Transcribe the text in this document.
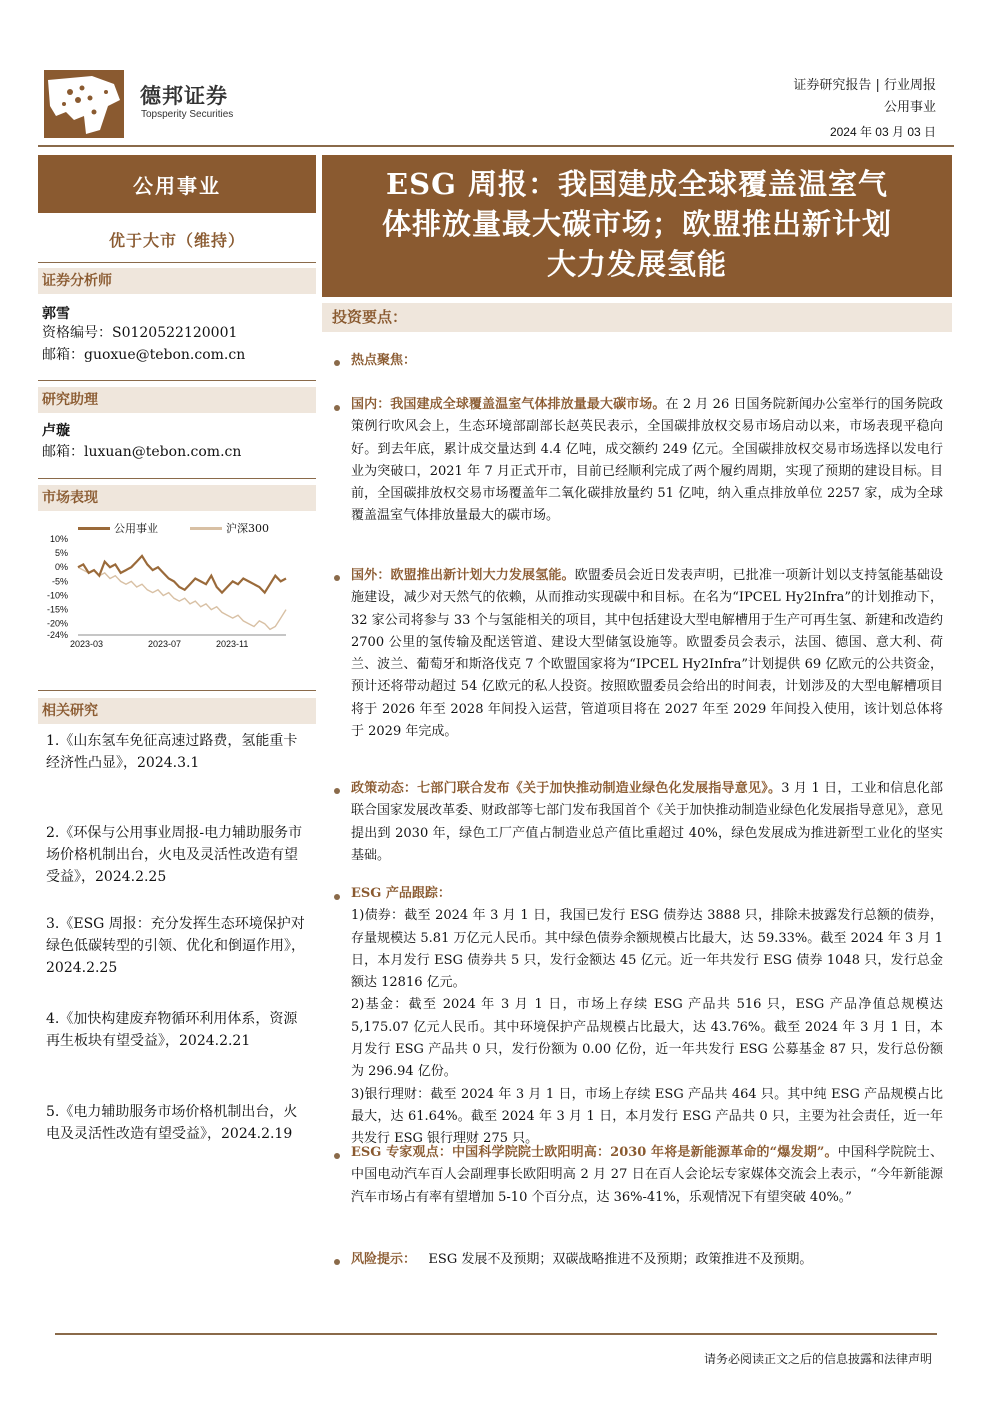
德邦证券
Topsperity Securities
证券研究报告 | 行业周报
公用事业
2024 年 03 月 03 日
公用事业
优于大市（维持）
证券分析师
郭雪
资格编号：S0120522120001
邮箱：guoxue@tebon.com.cn
研究助理
卢璇
邮箱：luxuan@tebon.com.cn
市场表现
公用事业	沪深300
10%
5%
0%
-5%
-10%
-15%
-20%
-24%
2023-03	2023-07	2023-11
相关研究
1.《山东氢车免征高速过路费，氢能重卡经济性凸显》，2024.3.1
2.《环保与公用事业周报-电力辅助服务市场价格机制出台，火电及灵活性改造有望受益》，2024.2.25
3.《ESG 周报：充分发挥生态环境保护对绿色低碳转型的引领、优化和倒逼作用》，2024.2.25
4.《加快构建废弃物循环利用体系，资源再生板块有望受益》，2024.2.21
5.《电力辅助服务市场价格机制出台，火电及灵活性改造有望受益》，2024.2.19
ESG 周报：我国建成全球覆盖温室气
体排放量最大碳市场；欧盟推出新计划
大力发展氢能
投资要点：
热点聚焦：
国内：我国建成全球覆盖温室气体排放量最大碳市场。在 2 月 26 日国务院新闻办公室举行的国务院政策例行吹风会上，生态环境部副部长赵英民表示，全国碳排放权交易市场启动以来，市场表现平稳向好。到去年底，累计成交量达到 4.4 亿吨，成交额约 249 亿元。全国碳排放权交易市场选择以发电行业为突破口，2021 年 7 月正式开市，目前已经顺利完成了两个履约周期，实现了预期的建设目标。目前，全国碳排放权交易市场覆盖年二氧化碳排放量约 51 亿吨，纳入重点排放单位 2257 家，成为全球覆盖温室气体排放量最大的碳市场。
国外：欧盟推出新计划大力发展氢能。欧盟委员会近日发表声明，已批准一项新计划以支持氢能基础设施建设，减少对天然气的依赖，从而推动实现碳中和目标。在名为“IPCEL Hy2Infra”的计划推动下，32 家公司将参与 33 个与氢能相关的项目，其中包括建设大型电解槽用于生产可再生氢、新建和改造约 2700 公里的氢传输及配送管道、建设大型储氢设施等。欧盟委员会表示，法国、德国、意大利、荷兰、波兰、葡萄牙和斯洛伐克 7 个欧盟国家将为“IPCEL Hy2Infra”计划提供 69 亿欧元的公共资金，预计还将带动超过 54 亿欧元的私人投资。按照欧盟委员会给出的时间表，计划涉及的大型电解槽项目将于 2026 年至 2028 年间投入运营，管道项目将在 2027 年至 2029 年间投入使用，该计划总体将于 2029 年完成。
政策动态：七部门联合发布《关于加快推动制造业绿色化发展指导意见》。3 月 1 日，工业和信息化部联合国家发展改革委、财政部等七部门发布我国首个《关于加快推动制造业绿色化发展指导意见》，意见提出到 2030 年，绿色工厂产值占制造业总产值比重超过 40%，绿色发展成为推进新型工业化的坚实基础。
ESG 产品跟踪：
1)债券：截至 2024 年 3 月 1 日，我国已发行 ESG 债券达 3888 只，排除未披露发行总额的债券，存量规模达 5.81 万亿元人民币。其中绿色债券余额规模占比最大，达 59.33%。截至 2024 年 3 月 1 日，本月发行 ESG 债券共 5 只，发行金额达 45 亿元。近一年共发行 ESG 债券 1048 只，发行总金额达 12816 亿元。
2)基金：截至 2024 年 3 月 1 日，市场上存续 ESG 产品共 516 只，ESG 产品净值总规模达 5,175.07 亿元人民币。其中环境保护产品规模占比最大，达 43.76%。截至 2024 年 3 月 1 日，本月发行 ESG 产品共 0 只，发行份额为 0.00 亿份，近一年共发行 ESG 公募基金 87 只，发行总份额为 296.94 亿份。
3)银行理财：截至 2024 年 3 月 1 日，市场上存续 ESG 产品共 464 只。其中纯 ESG 产品规模占比最大，达 61.64%。截至 2024 年 3 月 1 日，本月发行 ESG 产品共 0 只，主要为社会责任，近一年共发行 ESG 银行理财 275 只。
ESG 专家观点：中国科学院院士欧阳明高：2030 年将是新能源革命的“爆发期”。中国科学院院士、中国电动汽车百人会副理事长欧阳明高 2 月 27 日在百人会论坛专家媒体交流会上表示，“今年新能源汽车市场占有率有望增加 5-10 个百分点，达 36%-41%，乐观情况下有望突破 40%。”
风险提示： ESG 发展不及预期；双碳战略推进不及预期；政策推进不及预期。
请务必阅读正文之后的信息披露和法律声明
